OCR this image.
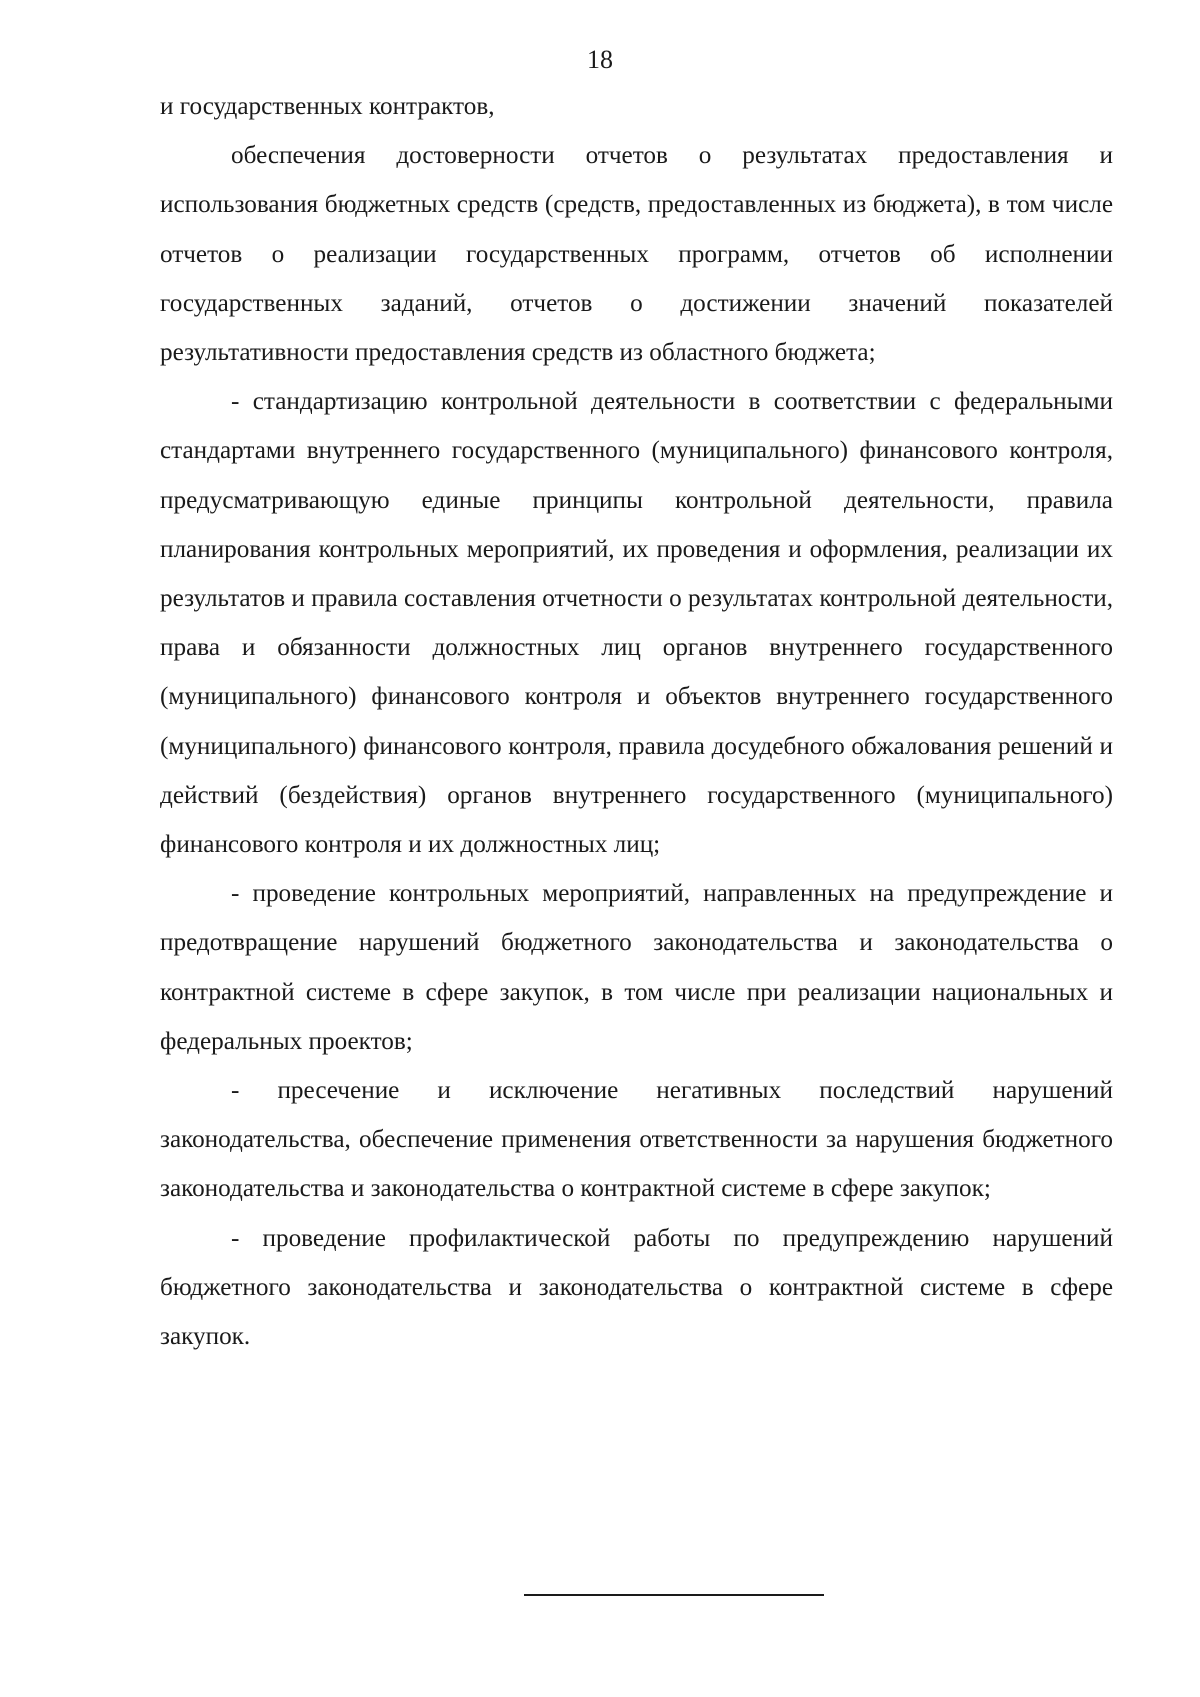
18

и государственных контрактов,

обеспечения достоверности отчетов о результатах предоставления и использования бюджетных средств (средств, предоставленных из бюджета), в том числе отчетов о реализации государственных программ, отчетов об исполнении государственных заданий, отчетов о достижении значений показателей результативности предоставления средств из областного бюджета;

- стандартизацию контрольной деятельности в соответствии с федеральными стандартами внутреннего государственного (муниципального) финансового контроля, предусматривающую единые принципы контрольной деятельности, правила планирования контрольных мероприятий, их проведения и оформления, реализации их результатов и правила составления отчетности о результатах контрольной деятельности, права и обязанности должностных лиц органов внутреннего государственного (муниципального) финансового контроля и объектов внутреннего государственного (муниципального) финансового контроля, правила досудебного обжалования решений и действий (бездействия) органов внутреннего государственного (муниципального) финансового контроля и их должностных лиц;

- проведение контрольных мероприятий, направленных на предупреждение и предотвращение нарушений бюджетного законодательства и законодательства о контрактной системе в сфере закупок, в том числе при реализации национальных и федеральных проектов;

- пресечение и исключение негативных последствий нарушений законодательства, обеспечение применения ответственности за нарушения бюджетного законодательства и законодательства о контрактной системе в сфере закупок;

- проведение профилактической работы по предупреждению нарушений бюджетного законодательства и законодательства о контрактной системе в сфере закупок.
